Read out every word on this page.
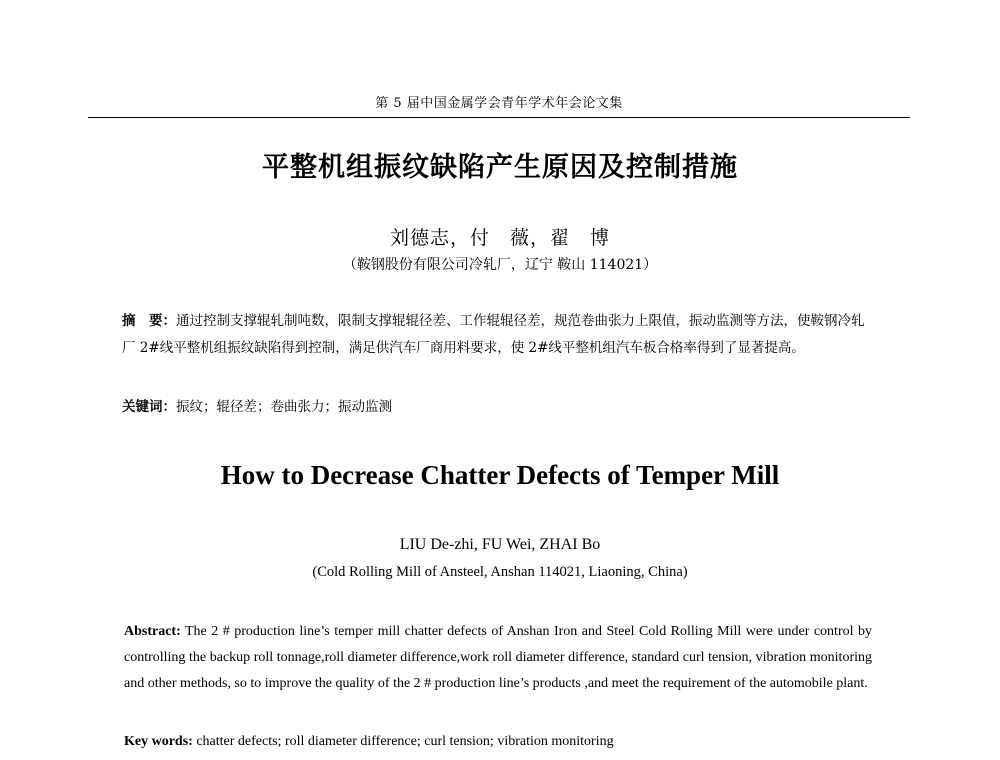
第 5 届中国金属学会青年学术年会论文集
平整机组振纹缺陷产生原因及控制措施
刘德志，付　薇，翟　博
（鞍钢股份有限公司冷轧厂，辽宁 鞍山 114021）
摘　要：通过控制支撑辊轧制吨数，限制支撑辊辊径差、工作辊辊径差，规范卷曲张力上限值，振动监测等方法，使鞍钢冷轧厂 2#线平整机组振纹缺陷得到控制，满足供汽车厂商用料要求，使 2#线平整机组汽车板合格率得到了显著提高。
关键词：振纹；辊径差；卷曲张力；振动监测
How to Decrease Chatter Defects of Temper Mill
LIU De-zhi, FU Wei, ZHAI Bo
(Cold Rolling Mill of Ansteel, Anshan 114021, Liaoning, China)
Abstract: The 2 # production line’s temper mill chatter defects of Anshan Iron and Steel Cold Rolling Mill were under control by controlling the backup roll tonnage,roll diameter difference,work roll diameter difference, standard curl tension, vibration monitoring and other methods, so to improve the quality of the 2 # production line’s products ,and meet the requirement of the automobile plant.
Key words: chatter defects; roll diameter difference; curl tension; vibration monitoring
